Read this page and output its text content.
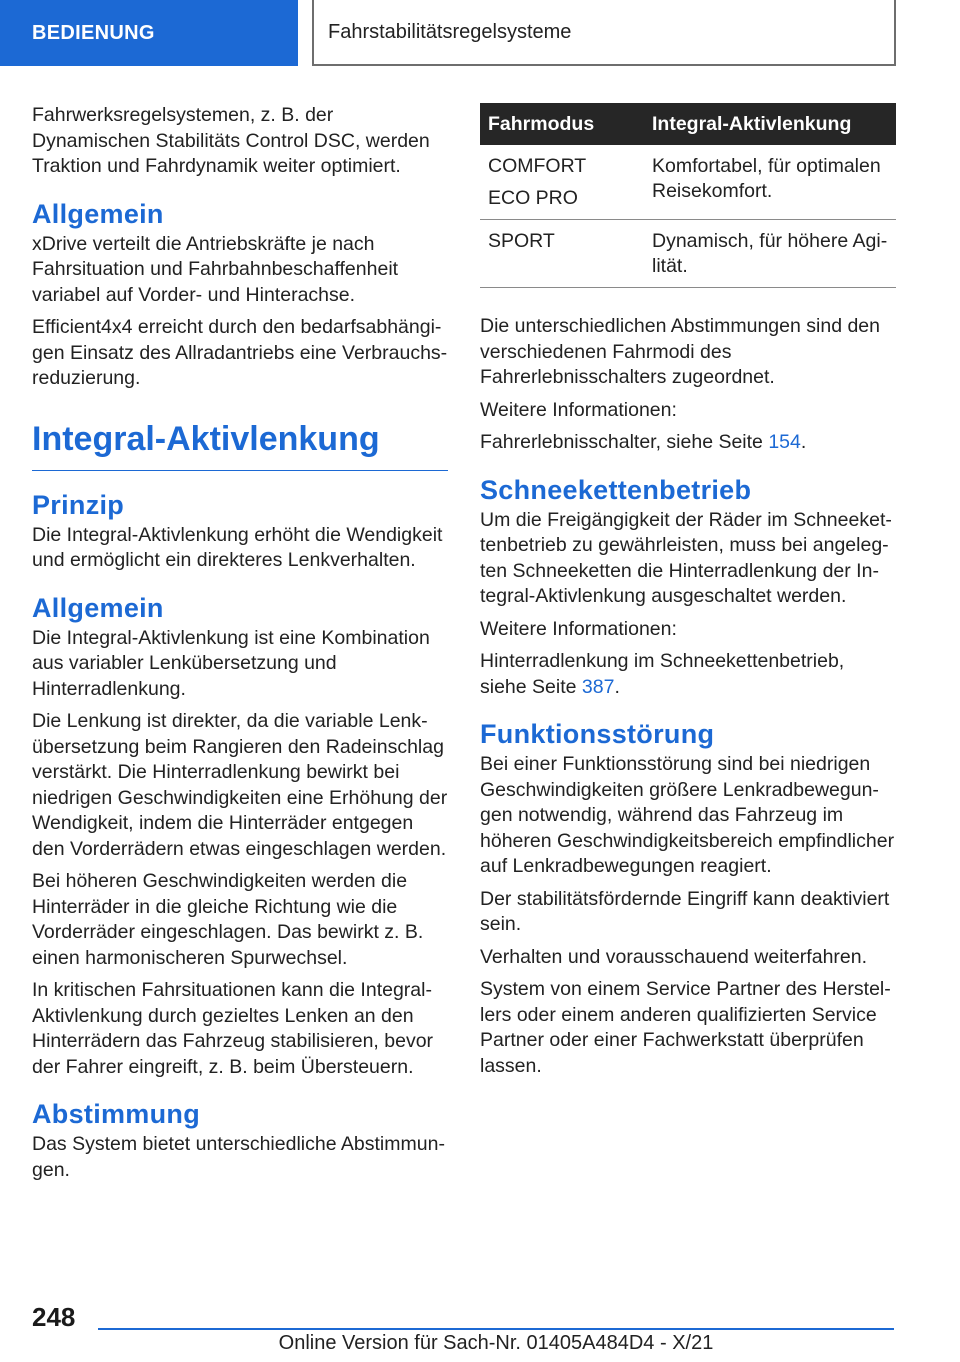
BEDIENUNG	Fahrstabilitätsregelsysteme

Fahrwerksregelsystemen, z. B. der Dynamischen Stabilitäts Control DSC, werden Traktion und Fahrdynamik weiter optimiert.

Allgemein

xDrive verteilt die Antriebskräfte je nach Fahrsituation und Fahrbahnbeschaffenheit variabel auf Vorder- und Hinterachse.

Efficient4x4 erreicht durch den bedarfsabhängigen Einsatz des Allradantriebs eine Verbrauchsreduzierung.

Integral-Aktivlenkung
Prinzip

Die Integral-Aktivlenkung erhöht die Wendigkeit und ermöglicht ein direkteres Lenkverhalten.

Allgemein

Die Integral-Aktivlenkung ist eine Kombination aus variabler Lenkübersetzung und Hinterradlenkung.

Die Lenkung ist direkter, da die variable Lenkübersetzung beim Rangieren den Radeinschlag verstärkt. Die Hinterradlenkung bewirkt bei niedrigen Geschwindigkeiten eine Erhöhung der Wendigkeit, indem die Hinterräder entgegen den Vorderrädern etwas eingeschlagen werden.

Bei höheren Geschwindigkeiten werden die Hinterräder in die gleiche Richtung wie die Vorderräder eingeschlagen. Das bewirkt z. B. einen harmonischeren Spurwechsel.

In kritischen Fahrsituationen kann die Integral-Aktivlenkung durch gezieltes Lenken an den Hinterrädern das Fahrzeug stabilisieren, bevor der Fahrer eingreift, z. B. beim Übersteuern.

Abstimmung

Das System bietet unterschiedliche Abstimmungen.

Fahrmodus	Integral-Aktivlenkung

COMFORT
ECO PRO	Komfortabel, für optimalen Reisekomfort.

SPORT	Dynamisch, für höhere Agilität.

Die unterschiedlichen Abstimmungen sind den verschiedenen Fahrmodi des Fahrerlebnisschalters zugeordnet.

Weitere Informationen:

Fahrerlebnisschalter, siehe Seite 154.

Schneekettenbetrieb

Um die Freigängigkeit der Räder im Schneekettenbetrieb zu gewährleisten, muss bei angelegten Schneeketten die Hinterradlenkung der Integral-Aktivlenkung ausgeschaltet werden.

Weitere Informationen:

Hinterradlenkung im Schneekettenbetrieb, siehe Seite 387.

Funktionsstörung

Bei einer Funktionsstörung sind bei niedrigen Geschwindigkeiten größere Lenkradbewegungen notwendig, während das Fahrzeug im höheren Geschwindigkeitsbereich empfindlicher auf Lenkradbewegungen reagiert.

Der stabilitätsfördernde Eingriff kann deaktiviert sein.

Verhalten und vorausschauend weiterfahren.

System von einem Service Partner des Herstellers oder einem anderen qualifizierten Service Partner oder einer Fachwerkstatt überprüfen lassen.

248
Online Version für Sach-Nr. 01405A484D4 - X/21
